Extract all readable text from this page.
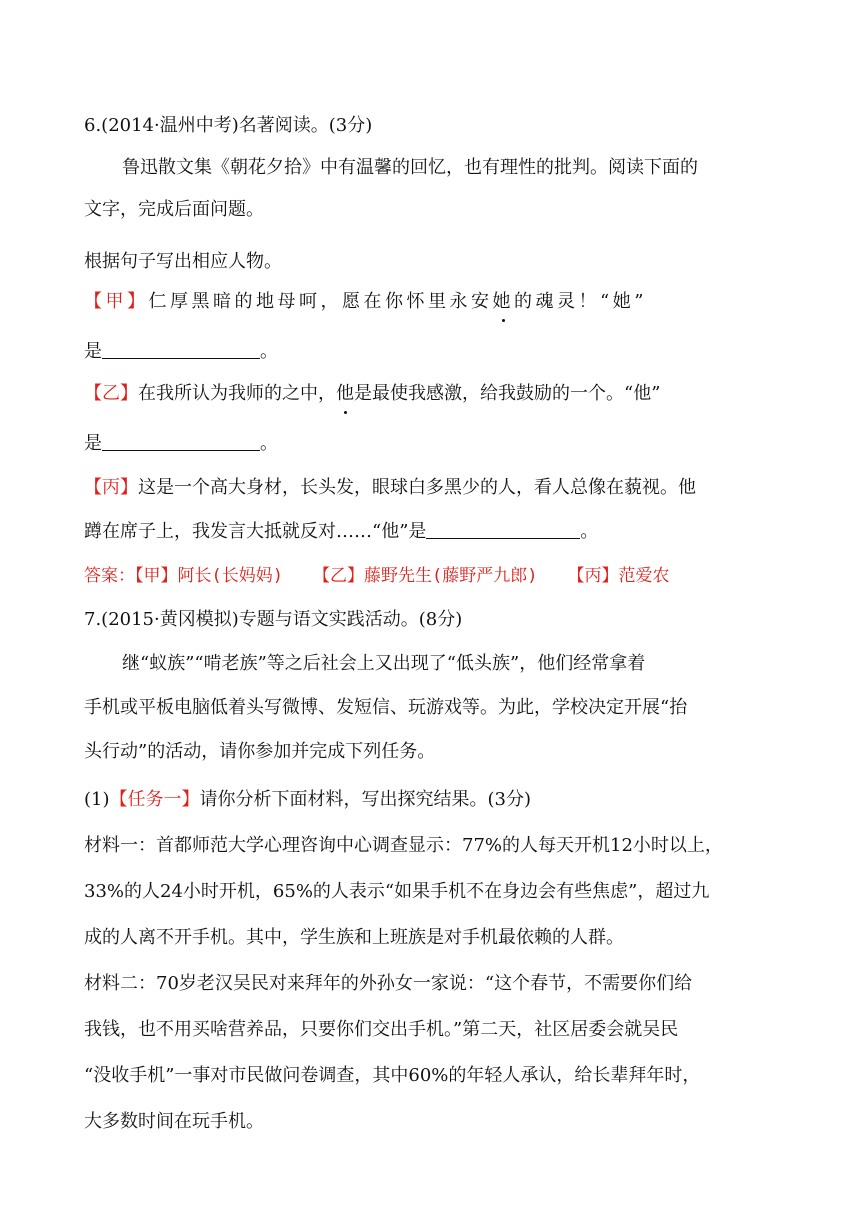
6.(2014·温州中考)名著阅读。(3分)
鲁迅散文集《朝花夕拾》中有温馨的回忆，也有理性的批判。阅读下面的
文字，完成后面问题。
根据句子写出相应人物。
【甲】仁厚黑暗的地母呵，愿在你怀里永安她的魂灵！“她”
是	。
【乙】在我所认为我师的之中，他是最使我感激，给我鼓励的一个。“他”
是	。
【丙】这是一个高大身材，长头发，眼球白多黑少的人，看人总像在藐视。他
蹲在席子上，我发言大抵就反对……“他”是	。
答案：【甲】阿长(长妈妈) 【乙】藤野先生(藤野严九郎) 【丙】范爱农
7.(2015·黄冈模拟)专题与语文实践活动。(8分)
继“蚁族”“啃老族”等之后社会上又出现了“低头族”，他们经常拿着
手机或平板电脑低着头写微博、发短信、玩游戏等。为此，学校决定开展“抬
头行动”的活动，请你参加并完成下列任务。
(1)【任务一】请你分析下面材料，写出探究结果。(3分)
材料一：首都师范大学心理咨询中心调查显示：77%的人每天开机12小时以上，
33%的人24小时开机，65%的人表示“如果手机不在身边会有些焦虑”，超过九
成的人离不开手机。其中，学生族和上班族是对手机最依赖的人群。
材料二：70岁老汉吴民对来拜年的外孙女一家说：“这个春节，不需要你们给
我钱，也不用买啥营养品，只要你们交出手机。”第二天，社区居委会就吴民
“没收手机”一事对市民做问卷调查，其中60%的年轻人承认，给长辈拜年时，
大多数时间在玩手机。
